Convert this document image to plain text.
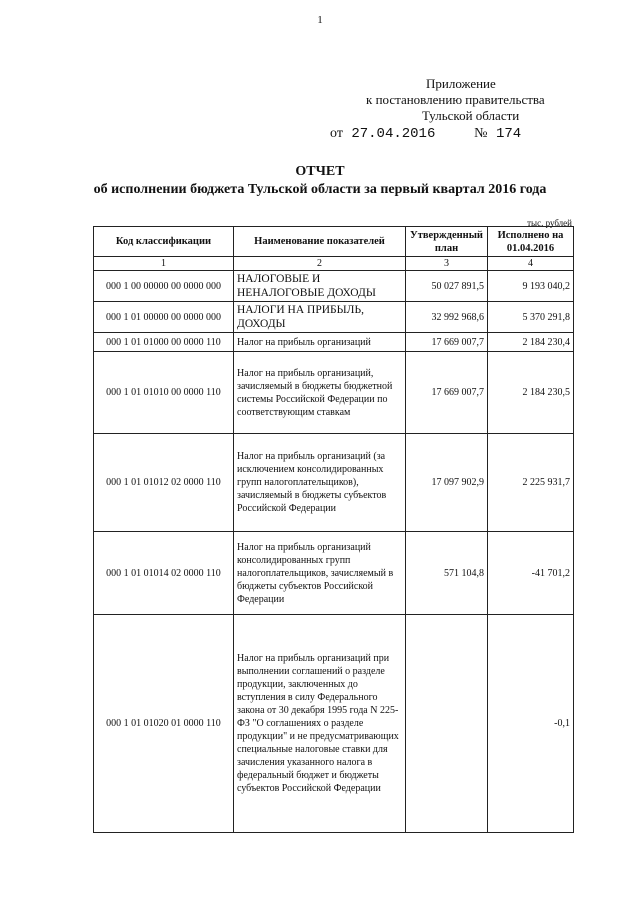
1
Приложение
к постановлению правительства
Тульской области
от 27.04.2016	№ 174
ОТЧЕТ
об исполнении бюджета Тульской области за первый квартал 2016 года
тыс. рублей
Код классификации	Наименование показателей	Утвержденный план	Исполнено на 01.04.2016
1	2	3	4
000 1 00 00000 00 0000 000	НАЛОГОВЫЕ И НЕНАЛОГОВЫЕ ДОХОДЫ	50 027 891,5	9 193 040,2
000 1 01 00000 00 0000 000	НАЛОГИ НА ПРИБЫЛЬ, ДОХОДЫ	32 992 968,6	5 370 291,8
000 1 01 01000 00 0000 110	Налог на прибыль организаций	17 669 007,7	2 184 230,4
000 1 01 01010 00 0000 110	Налог на прибыль организаций, зачисляемый в бюджеты бюджетной системы Российской Федерации по соответствующим ставкам	17 669 007,7	2 184 230,5
000 1 01 01012 02 0000 110	Налог на прибыль организаций (за исключением консолидированных групп налогоплательщиков), зачисляемый в бюджеты субъектов Российской Федерации	17 097 902,9	2 225 931,7
000 1 01 01014 02 0000 110	Налог на прибыль организаций консолидированных групп налогоплательщиков, зачисляемый в бюджеты субъектов Российской Федерации	571 104,8	-41 701,2
000 1 01 01020 01 0000 110	Налог на прибыль организаций при выполнении соглашений о разделе продукции, заключенных до вступления в силу Федерального закона от 30 декабря 1995 года N 225-ФЗ "О соглашениях о разделе продукции" и не предусматривающих специальные налоговые ставки для зачисления указанного налога в федеральный бюджет и бюджеты субъектов Российской Федерации		-0,1
